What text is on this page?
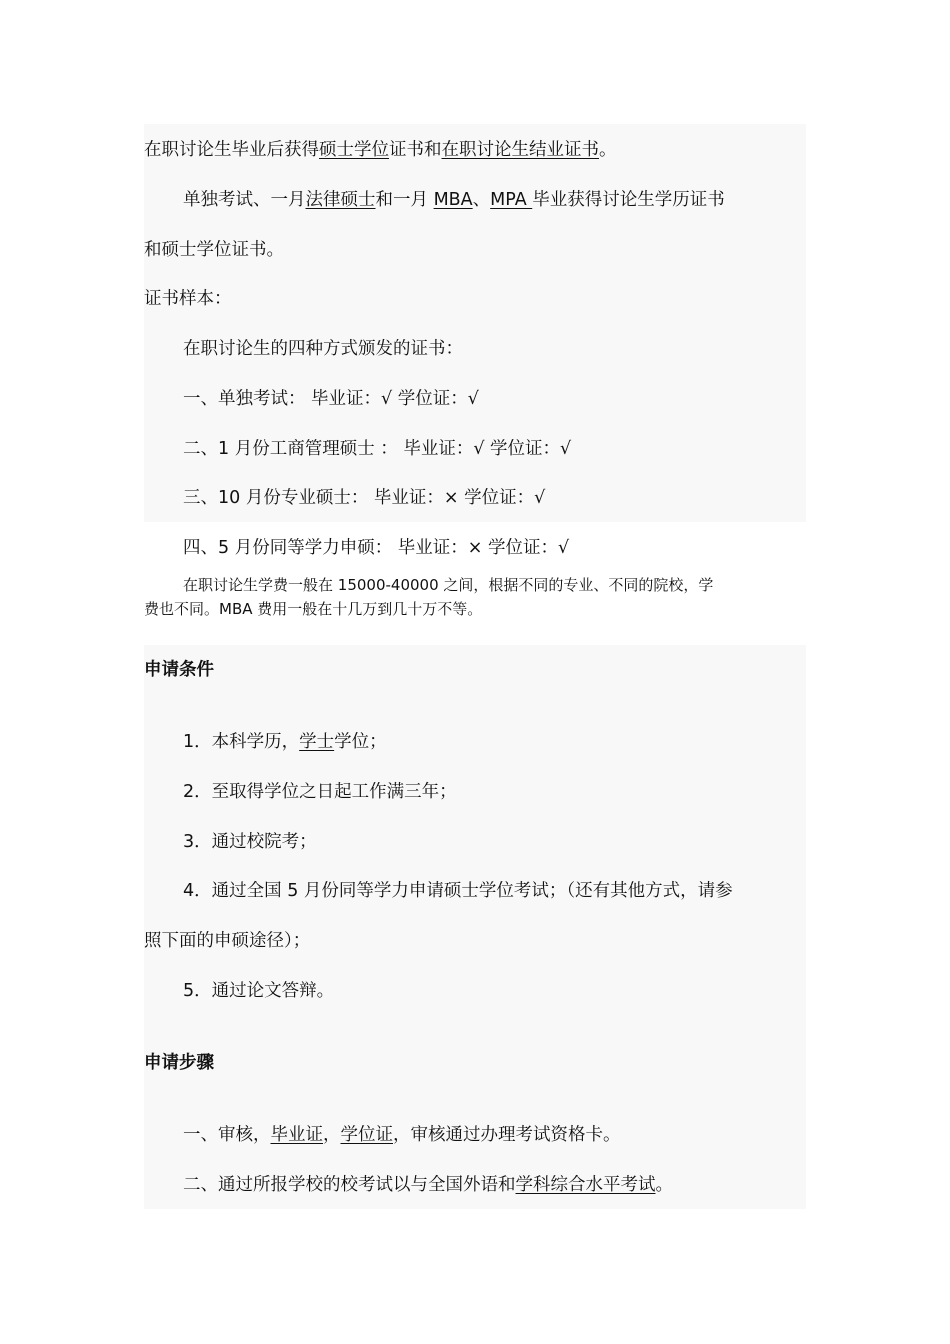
在职讨论生毕业后获得硕士学位证书和在职讨论生结业证书。
单独考试、一月法律硕士和一月 MBA、MPA 毕业获得讨论生学历证书
和硕士学位证书。
证书样本：
在职讨论生的四种方式颁发的证书：
一、单独考试： 毕业证：√ 学位证：√
二、1 月份工商管理硕士 ： 毕业证：√ 学位证：√
三、10 月份专业硕士： 毕业证：× 学位证：√
四、5 月份同等学力申硕： 毕业证：× 学位证：√
在职讨论生学费一般在 15000-40000 之间，根据不同的专业、不同的院校，学
费也不同。MBA 费用一般在十几万到几十万不等。
申请条件
1．本科学历，学士学位；
2．至取得学位之日起工作满三年；
3．通过校院考；
4．通过全国 5 月份同等学力申请硕士学位考试；（还有其他方式，请参
照下面的申硕途径）；
5．通过论文答辩。
申请步骤
一、审核，毕业证，学位证，审核通过办理考试资格卡。
二、通过所报学校的校考试以与全国外语和学科综合水平考试。
